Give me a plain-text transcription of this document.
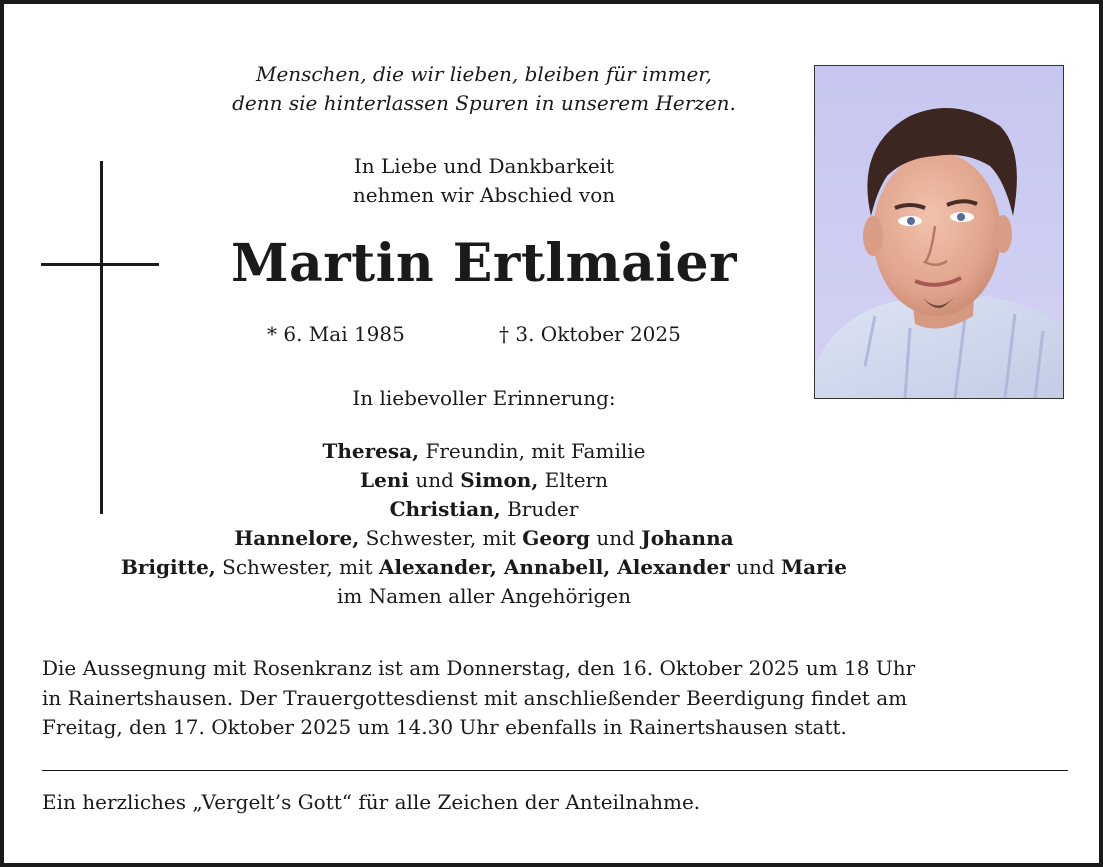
Menschen, die wir lieben, bleiben für immer,
denn sie hinterlassen Spuren in unserem Herzen.
In Liebe und Dankbarkeit
nehmen wir Abschied von
Martin Ertlmaier
* 6. Mai 1985	† 3. Oktober 2025
In liebevoller Erinnerung:
Theresa, Freundin, mit Familie
Leni und Simon, Eltern
Christian, Bruder
Hannelore, Schwester, mit Georg und Johanna
Brigitte, Schwester, mit Alexander, Annabell, Alexander und Marie
im Namen aller Angehörigen
Die Aussegnung mit Rosenkranz ist am Donnerstag, den 16. Oktober 2025 um 18 Uhr
in Rainertshausen. Der Trauergottesdienst mit anschließender Beerdigung findet am
Freitag, den 17. Oktober 2025 um 14.30 Uhr ebenfalls in Rainertshausen statt.
Ein herzliches „Vergelt’s Gott“ für alle Zeichen der Anteilnahme.
